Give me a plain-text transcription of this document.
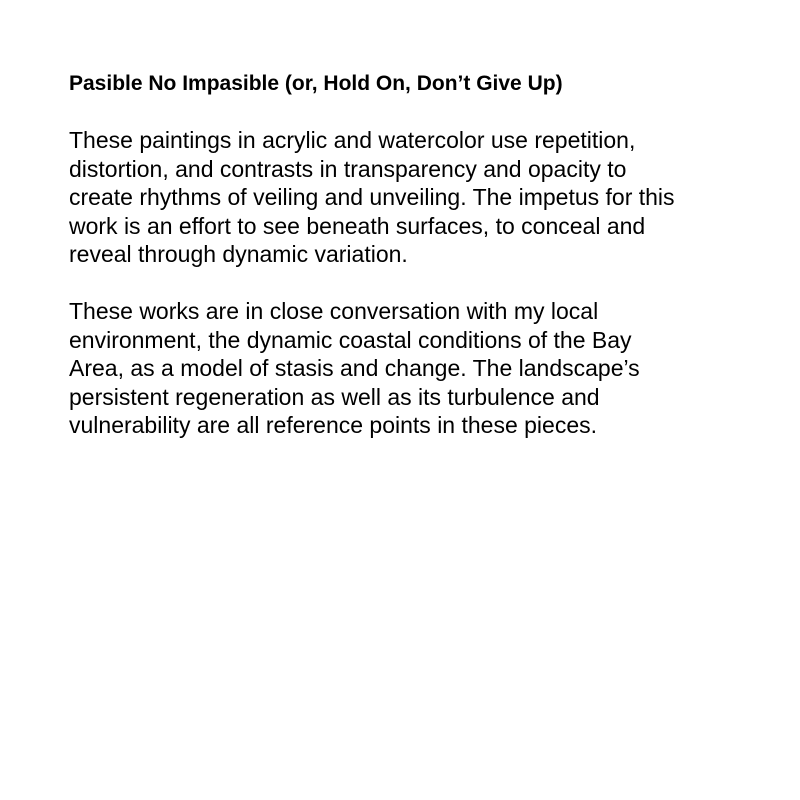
Pasible No Impasible (or, Hold On, Don’t Give Up)

These paintings in acrylic and watercolor use repetition,
distortion, and contrasts in transparency and opacity to
create rhythms of veiling and unveiling. The impetus for this
work is an effort to see beneath surfaces, to conceal and
reveal through dynamic variation.

These works are in close conversation with my local
environment, the dynamic coastal conditions of the Bay
Area, as a model of stasis and change. The landscape’s
persistent regeneration as well as its turbulence and
vulnerability are all reference points in these pieces.
